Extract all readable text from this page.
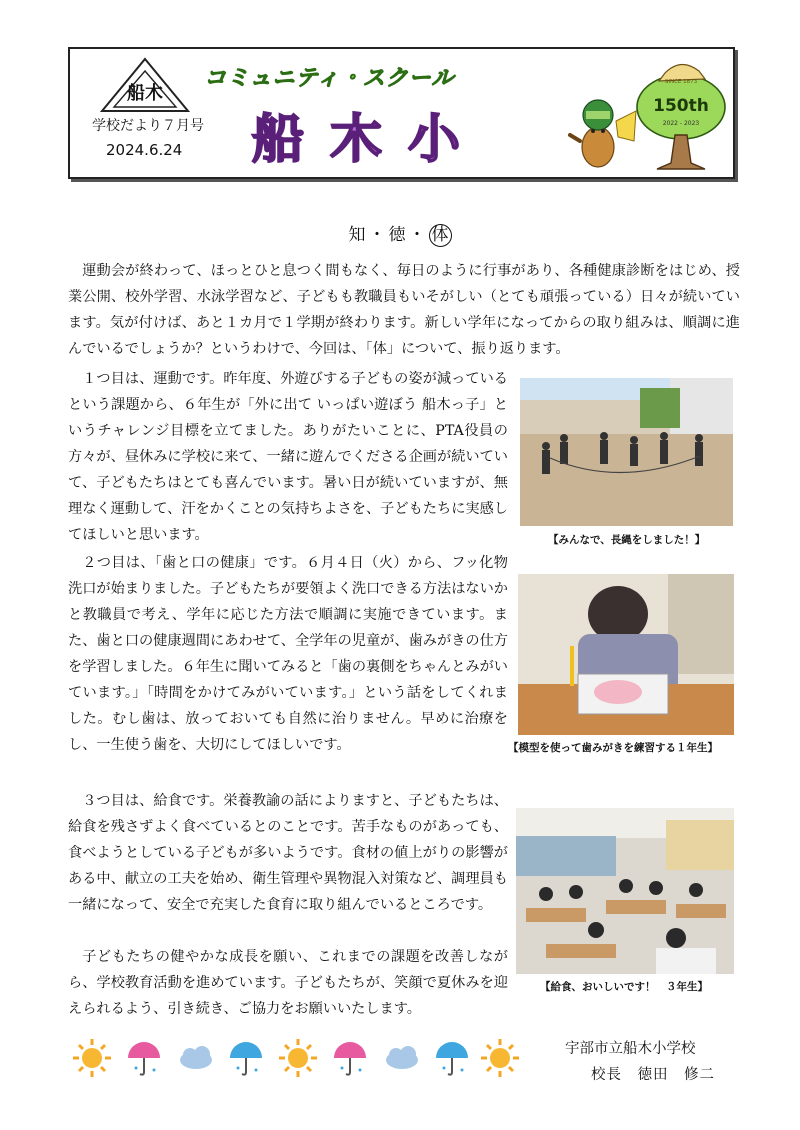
船木
学校だより７月号
2024.6.24
コミュニティ・スクール
船木小
SINCE 1873
150th
2022 - 2023
知・徳・ 体

運動会が終わって、ほっとひと息つく間もなく、毎日のように行事があり、各種健康診断をはじめ、授業公開、校外学習、水泳学習など、子どもも教職員もいそがしい（とても頑張っている）日々が続いています。気が付けば、あと１カ月で１学期が終わります。新しい学年になってからの取り組みは、順調に進んでいるでしょうか？というわけで、今回は、「体」について、振り返ります。

１つ目は、運動です。昨年度、外遊びする子どもの姿が減っているという課題から、６年生が「外に出て いっぱい遊ぼう 船木っ子」というチャレンジ目標を立てました。ありがたいことに、PTA役員の方々が、昼休みに学校に来て、一緒に遊んでくださる企画が続いていて、子どもたちはとても喜んでいます。暑い日が続いていますが、無理なく運動して、汗をかくことの気持ちよさを、子どもたちに実感してほしいと思います。

２つ目は、「歯と口の健康」です。６月４日（火）から、フッ化物洗口が始まりました。子どもたちが要領よく洗口できる方法はないかと教職員で考え、学年に応じた方法で順調に実施できています。また、歯と口の健康週間にあわせて、全学年の児童が、歯みがきの仕方を学習しました。６年生に聞いてみると「歯の裏側をちゃんとみがいています。」「時間をかけてみがいています。」という話をしてくれました。むし歯は、放っておいても自然に治りません。早めに治療をし、一生使う歯を、大切にしてほしいです。

３つ目は、給食です。栄養教諭の話によりますと、子どもたちは、給食を残さずよく食べているとのことです。苦手なものがあっても、食べようとしている子どもが多いようです。食材の値上がりの影響がある中、献立の工夫を始め、衛生管理や異物混入対策など、調理員も一緒になって、安全で充実した食育に取り組んでいるところです。

子どもたちの健やかな成長を願い、これまでの課題を改善しながら、学校教育活動を進めています。子どもたちが、笑顔で夏休みを迎えられるよう、引き続き、ご協力をお願いいたします。

【みんなで、長縄をしました！】
【模型を使って歯みがきを練習する１年生】
【給食、おいしいです！　３年生】
宇部市立船木小学校
校長　徳田　修二
